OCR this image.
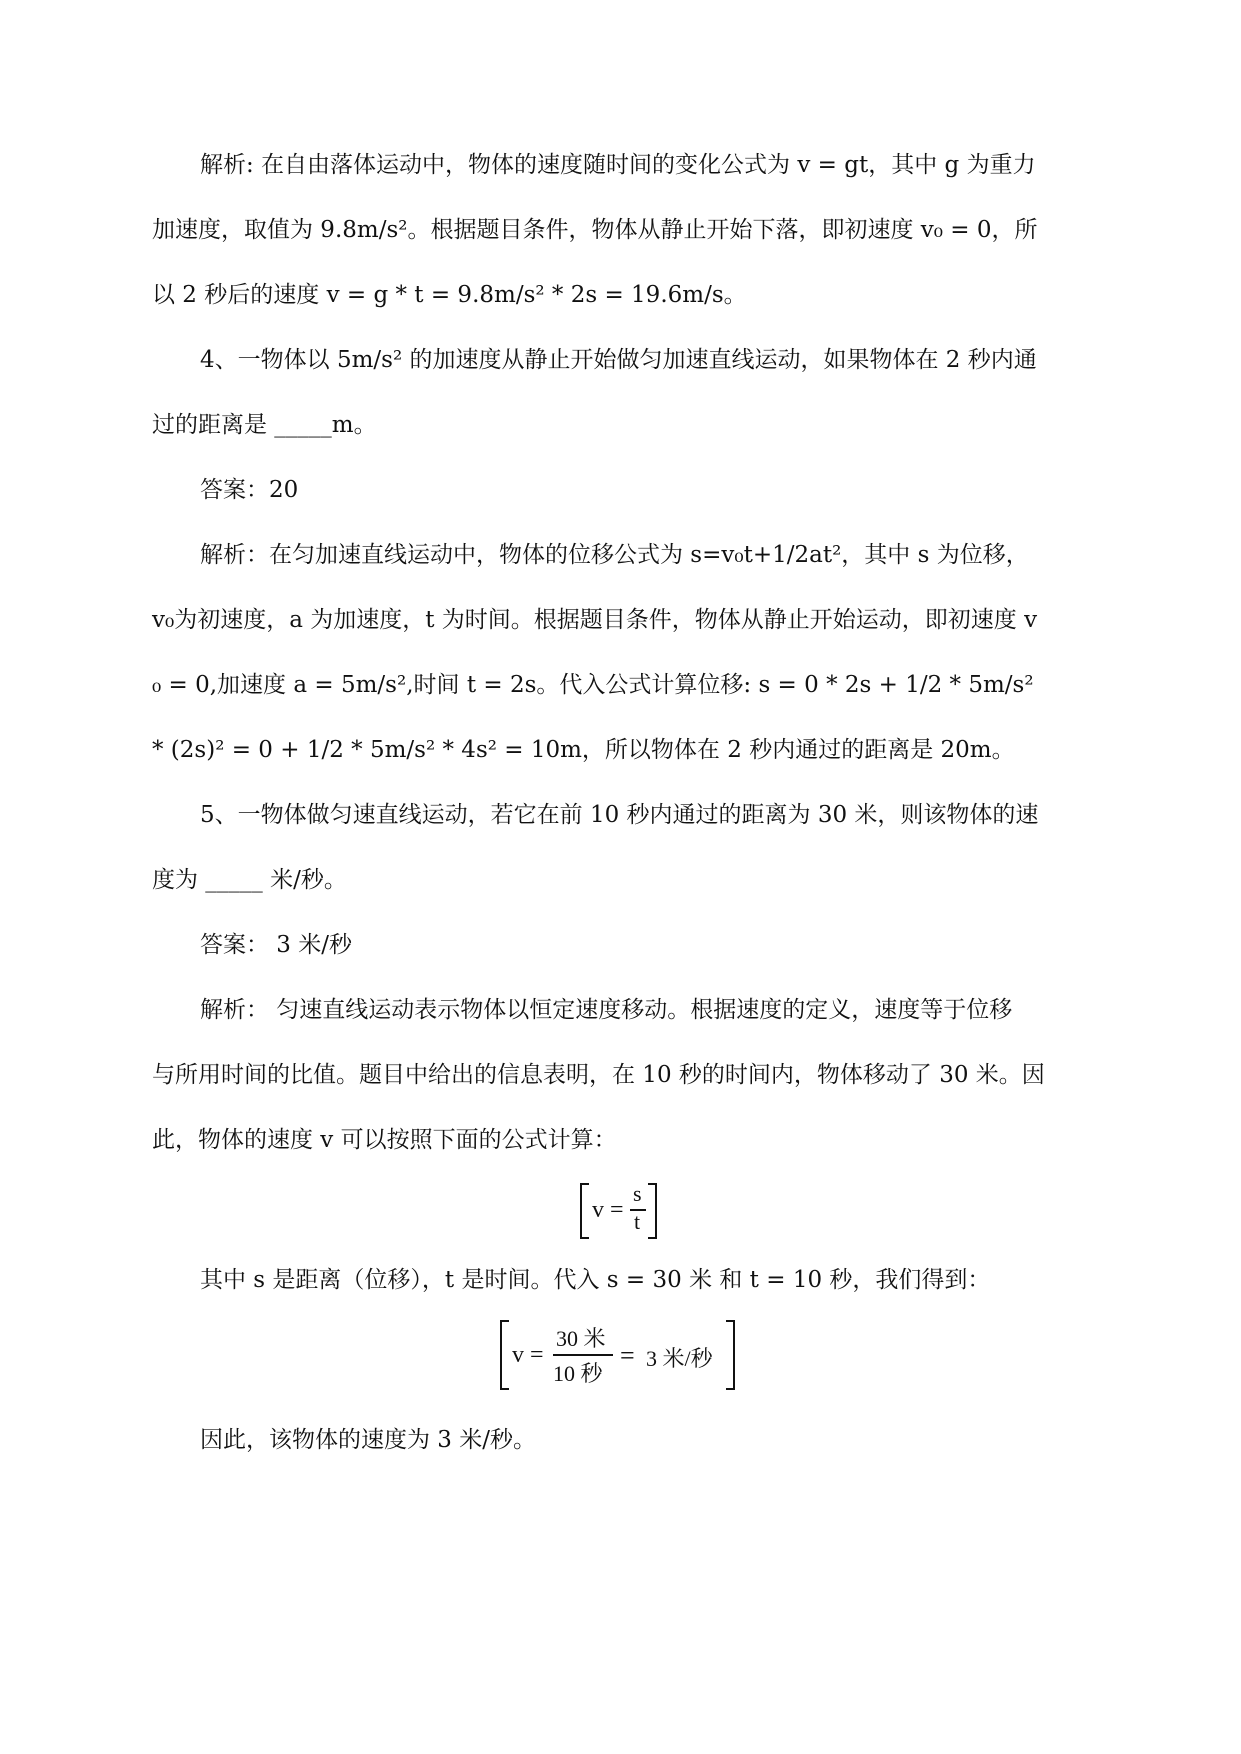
解析: 在自由落体运动中，物体的速度随时间的变化公式为 v = gt，其中 g 为重力
加速度，取值为 9.8m/s²。根据题目条件，物体从静止开始下落，即初速度 v₀ = 0，所
以 2 秒后的速度 v = g * t = 9.8m/s² * 2s = 19.6m/s。
4、一物体以 5m/s² 的加速度从静止开始做匀加速直线运动，如果物体在 2 秒内通
过的距离是 _____m。
答案：20
解析：在匀加速直线运动中，物体的位移公式为 s=v₀t+1/2at²，其中 s 为位移，
v₀为初速度，a 为加速度，t 为时间。根据题目条件，物体从静止开始运动，即初速度 v
₀ = 0,加速度 a = 5m/s²,时间 t = 2s。代入公式计算位移: s = 0 * 2s + 1/2 * 5m/s²
* (2s)² = 0 + 1/2 * 5m/s² * 4s² = 10m，所以物体在 2 秒内通过的距离是 20m。
5、一物体做匀速直线运动，若它在前 10 秒内通过的距离为 30 米，则该物体的速
度为 _____ 米/秒。
答案： 3 米/秒
解析： 匀速直线运动表示物体以恒定速度移动。根据速度的定义，速度等于位移
与所用时间的比值。题目中给出的信息表明，在 10 秒的时间内，物体移动了 30 米。因
此，物体的速度 v 可以按照下面的公式计算：
v =
s
t
其中 s 是距离（位移），t 是时间。代入 s = 30 米 和 t = 10 秒，我们得到：
v =
30 米
10 秒
= 3 米/秒
因此，该物体的速度为 3 米/秒。
